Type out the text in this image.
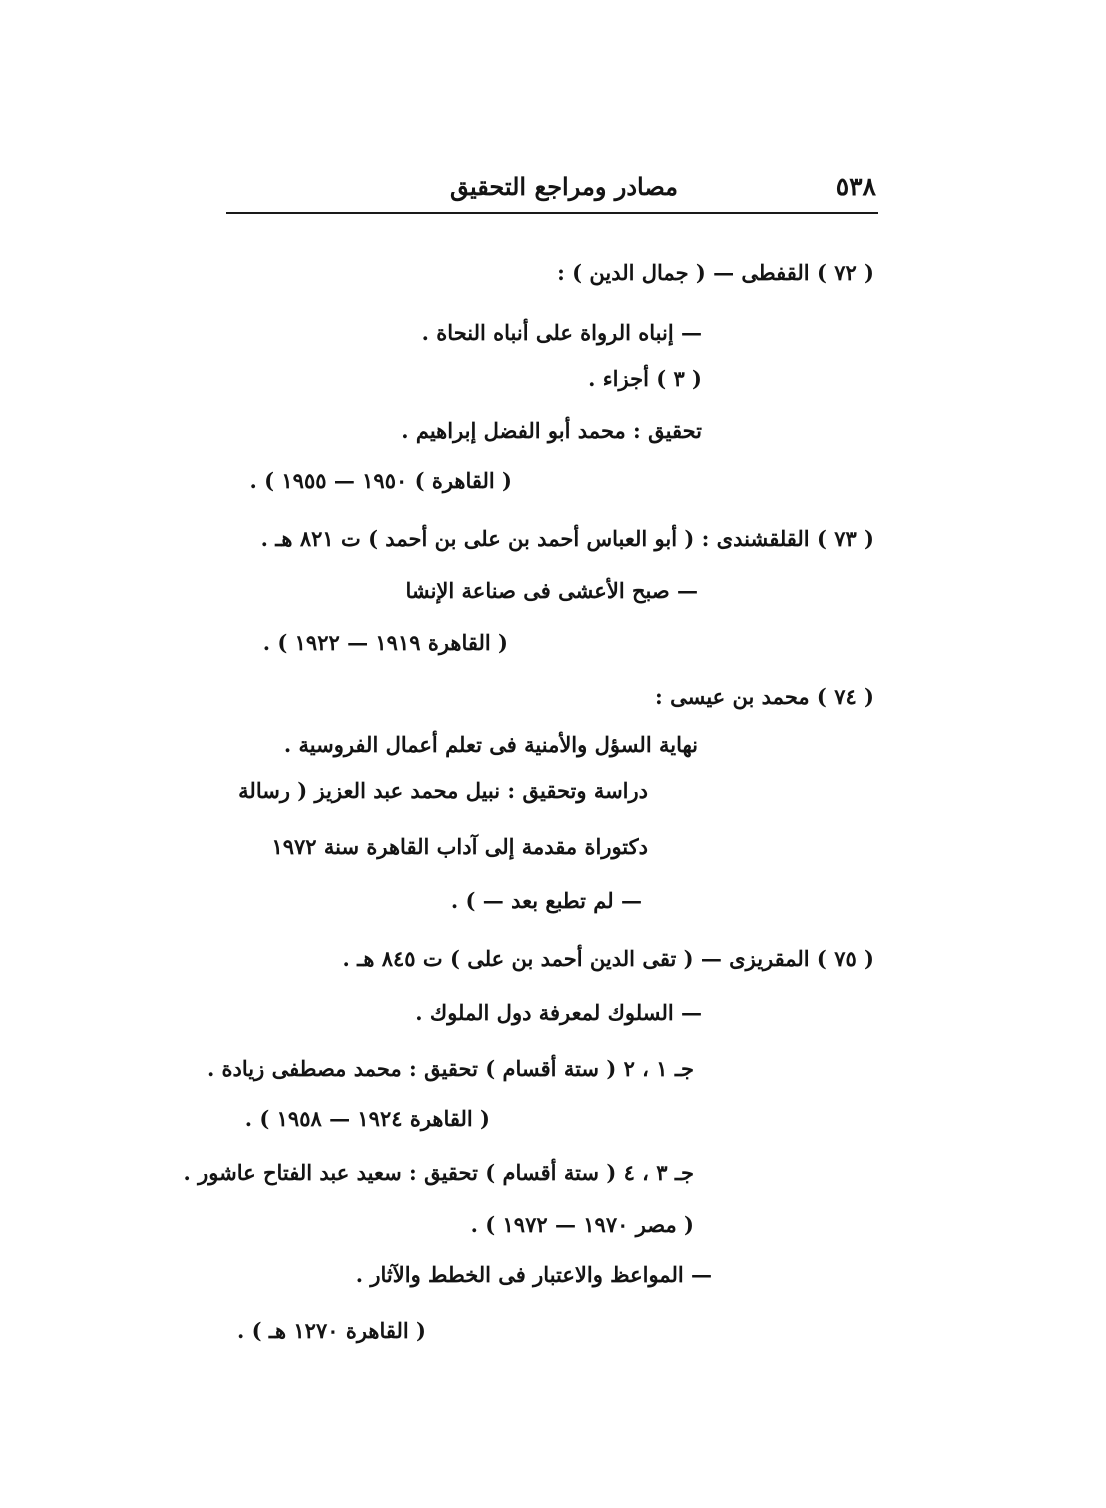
٥٣٨
مصادر ومراجع التحقيق
( ٧٢ ) القفطى — ( جمال الدين ) :
— إنباه الرواة على أنباه النحاة .
( ٣ ) أجزاء .
تحقيق : محمد أبو الفضل إبراهيم .
( القاهرة ) ١٩٥٠ — ١٩٥٥ ) .
( ٧٣ ) القلقشندى : ( أبو العباس أحمد بن على بن أحمد ) ت ٨٢١ هـ .
— صبح الأعشى فى صناعة الإنشا
( القاهرة ١٩١٩ — ١٩٢٢ ) .
( ٧٤ ) محمد بن عيسى :
نهاية السؤل والأمنية فى تعلم أعمال الفروسية .
دراسة وتحقيق : نبيل محمد عبد العزيز ( رسالة
دكتوراة مقدمة إلى آداب القاهرة سنة ١٩٧٢
— لم تطبع بعد — ) .
( ٧٥ ) المقريزى — ( تقى الدين أحمد بن على ) ت ٨٤٥ هـ .
— السلوك لمعرفة دول الملوك .
جـ ١ ، ٢ ( ستة أقسام ) تحقيق : محمد مصطفى زيادة .
( القاهرة ١٩٢٤ — ١٩٥٨ ) .
جـ ٣ ، ٤ ( ستة أقسام ) تحقيق : سعيد عبد الفتاح عاشور .
( مصر ١٩٧٠ — ١٩٧٢ ) .
— المواعظ والاعتبار فى الخطط والآثار .
( القاهرة ١٢٧٠ هـ ) .
